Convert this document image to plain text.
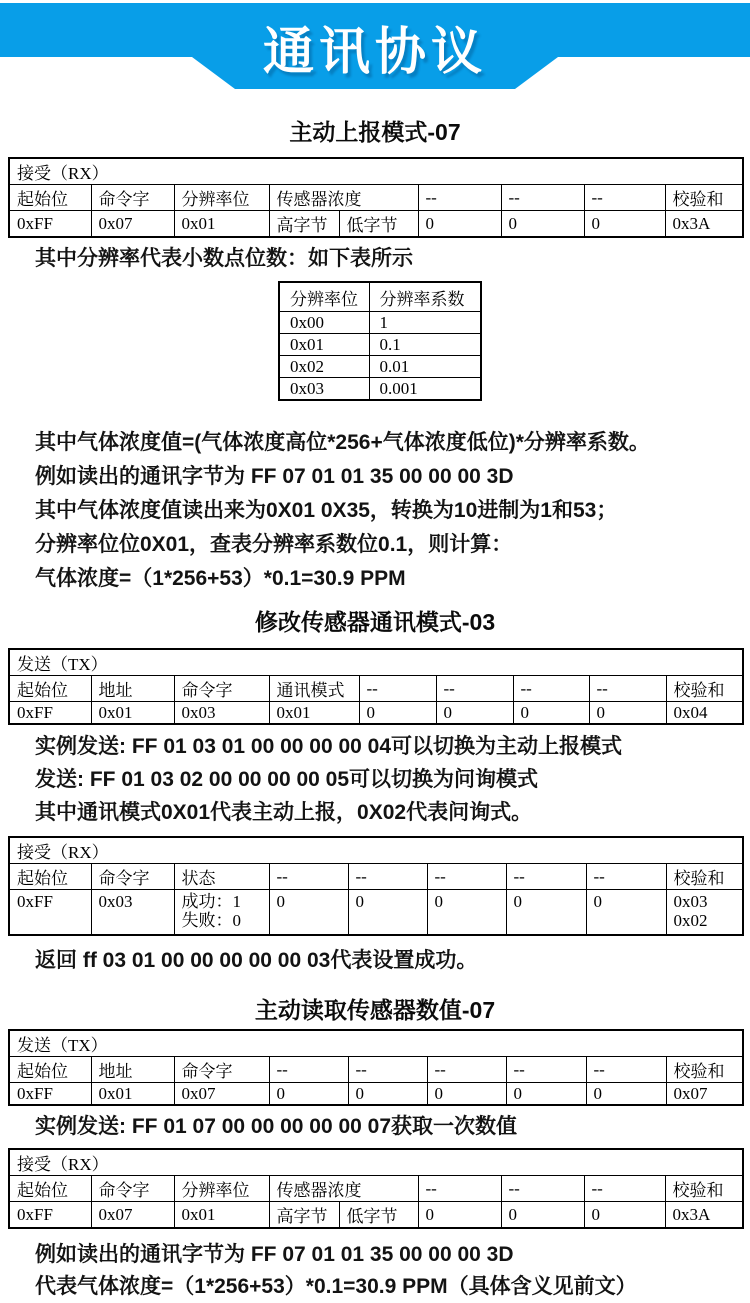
通讯协议
主动上报模式-07
接受（RX）								
起始位	命令字	分辨率位	传感器浓度		--	--	--	校验和
0xFF	0x07	0x01	高字节	低字节	0	0	0	0x3A
其中分辨率代表小数点位数：如下表所示
分辨率位	分辨率系数
0x00	1
0x01	0.1
0x02	0.01
0x03	0.001
其中气体浓度值=(气体浓度高位*256+气体浓度低位)*分辨率系数。
例如读出的通讯字节为 FF 07 01 01 35 00 00 00 3D
其中气体浓度值读出来为0X01 0X35，转换为10进制为1和53；
分辨率位位0X01，查表分辨率系数位0.1，则计算：
气体浓度=（1*256+53）*0.1=30.9 PPM
修改传感器通讯模式-03
发送（TX）								
起始位	地址	命令字	通讯模式	--	--	--	--	校验和
0xFF	0x01	0x03	0x01	0	0	0	0	0x04
实例发送: FF 01 03 01 00 00 00 00 04可以切换为主动上报模式
发送: FF 01 03 02 00 00 00 00 05可以切换为问询模式
其中通讯模式0X01代表主动上报，0X02代表问询式。
接受（RX）								
起始位	命令字	状态	--	--	--	--	--	校验和
0xFF	0x03	成功：1
失败：0	0	0	0	0	0	0x03
0x02
返回 ff 03 01 00 00 00 00 00 03代表设置成功。
主动读取传感器数值-07
发送（TX）								
起始位	地址	命令字	--	--	--	--	--	校验和
0xFF	0x01	0x07	0	0	0	0	0	0x07
实例发送: FF 01 07 00 00 00 00 00 07获取一次数值
接受（RX）								
起始位	命令字	分辨率位	传感器浓度		--	--	--	校验和
0xFF	0x07	0x01	高字节	低字节	0	0	0	0x3A
例如读出的通讯字节为 FF 07 01 01 35 00 00 00 3D
代表气体浓度=（1*256+53）*0.1=30.9 PPM（具体含义见前文）
